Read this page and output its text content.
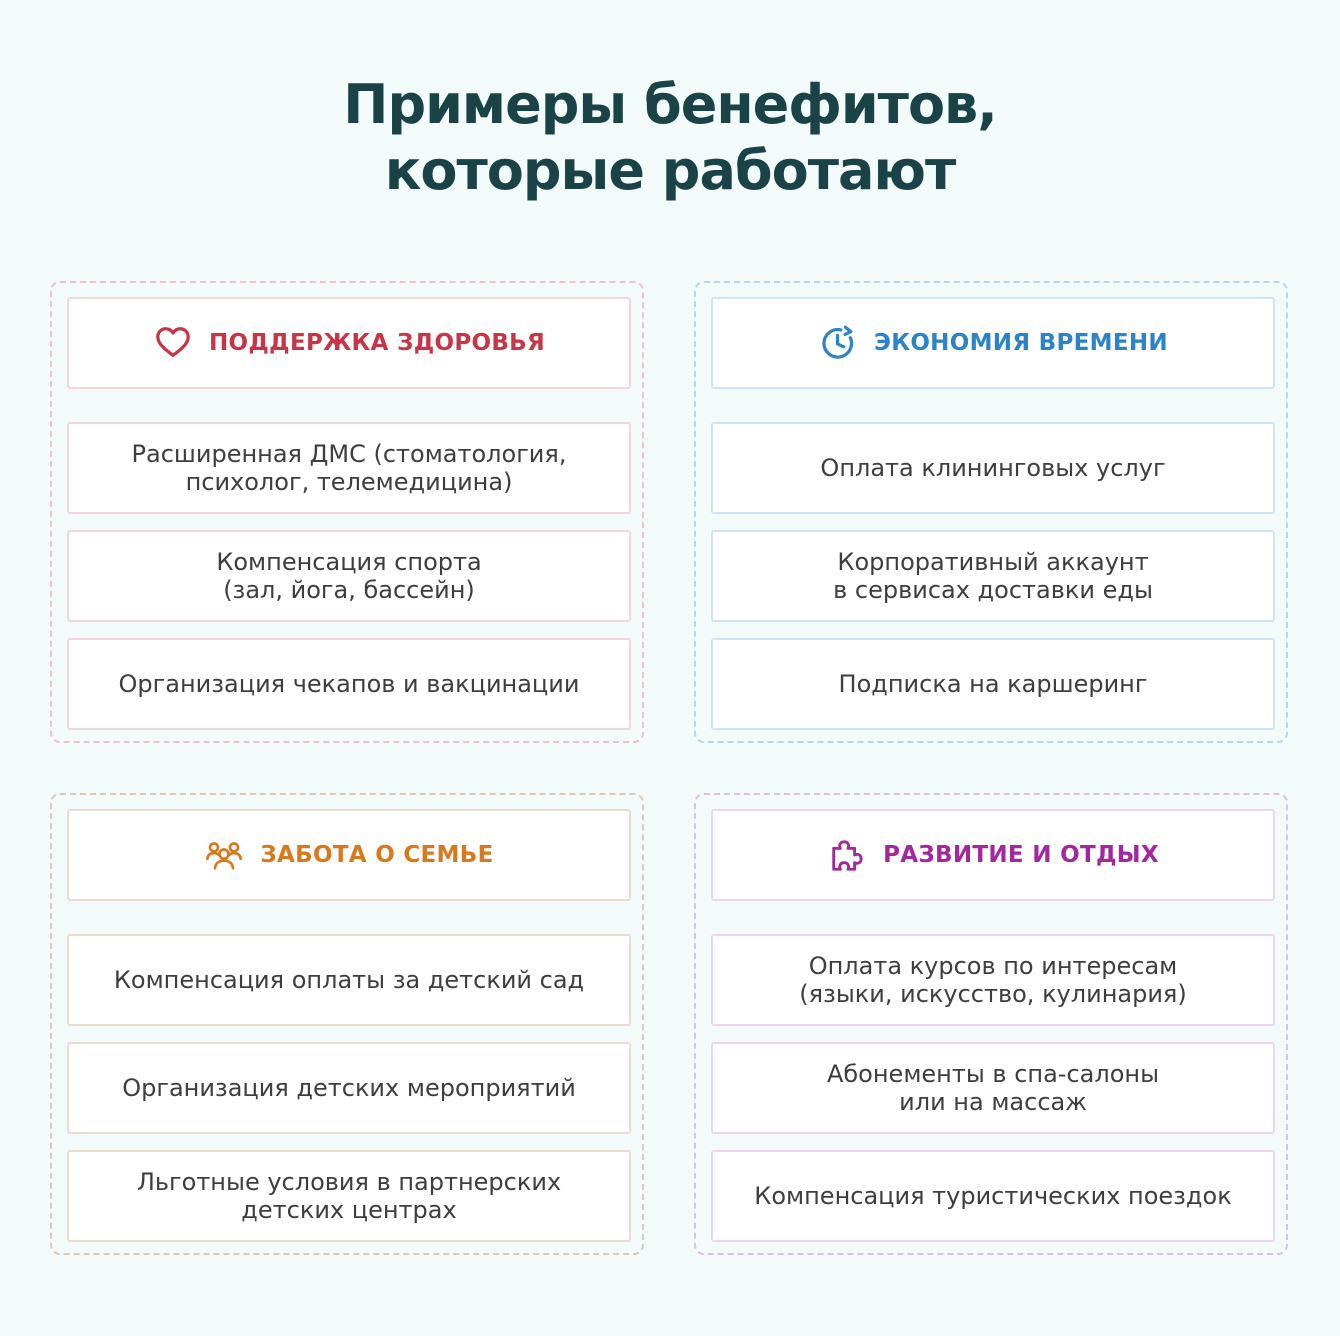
Примеры бенефитов,
которые работают
ПОДДЕРЖКА ЗДОРОВЬЯ
Расширенная ДМС (стоматология,
психолог, телемедицина)
Компенсация спорта
(зал, йога, бассейн)
Организация чекапов и вакцинации
ЭКОНОМИЯ ВРЕМЕНИ
Оплата клининговых услуг
Корпоративный аккаунт
в сервисах доставки еды
Подписка на каршеринг
ЗАБОТА О СЕМЬЕ
Компенсация оплаты за детский сад
Организация детских мероприятий
Льготные условия в партнерских
детских центрах
РАЗВИТИЕ И ОТДЫХ
Оплата курсов по интересам
(языки, искусство, кулинария)
Абонементы в спа-салоны
или на массаж
Компенсация туристических поездок
